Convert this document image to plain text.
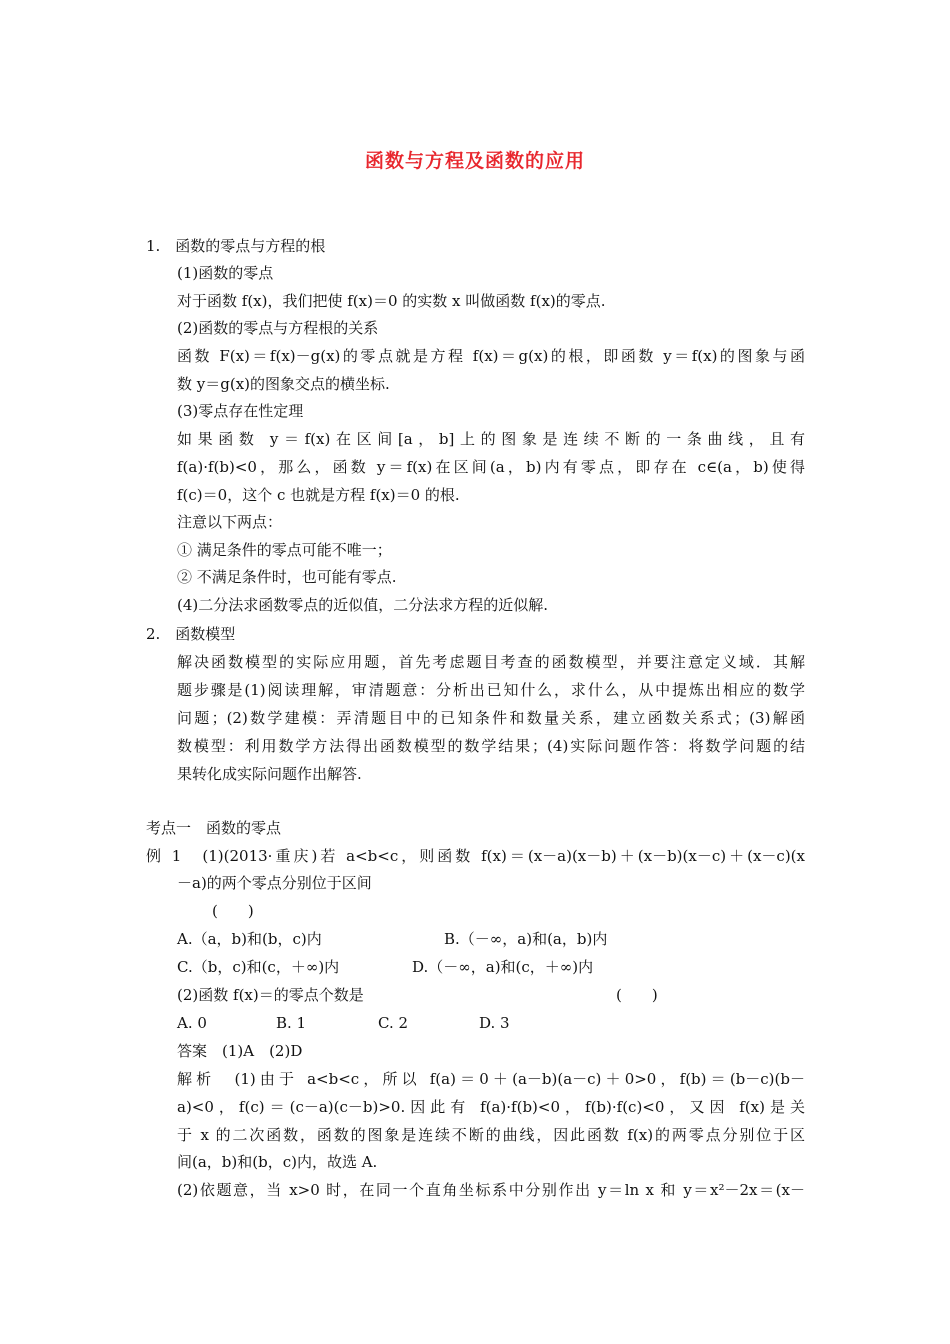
函数与方程及函数的应用
1.　函数的零点与方程的根
(1)函数的零点
对于函数 f(x)，我们把使 f(x)＝0 的实数 x 叫做函数 f(x)的零点.
(2)函数的零点与方程根的关系
函数 F(x)＝f(x)－g(x)的零点就是方程 f(x)＝g(x)的根，即函数 y＝f(x)的图象与函
数 y＝g(x)的图象交点的横坐标.
(3)零点存在性定理
如果函数 y＝f(x)在区间[a，b]上的图象是连续不断的一条曲线，且有
f(a)·f(b)<0，那么，函数 y＝f(x)在区间(a，b)内有零点，即存在 c∈(a，b)使得
f(c)＝0，这个 c 也就是方程 f(x)＝0 的根.
注意以下两点：
① 满足条件的零点可能不唯一；
② 不满足条件时，也可能有零点.
(4)二分法求函数零点的近似值，二分法求方程的近似解.
2.　函数模型
解决函数模型的实际应用题，首先考虑题目考查的函数模型，并要注意定义域．其解
题步骤是(1)阅读理解，审清题意：分析出已知什么，求什么，从中提炼出相应的数学
问题；(2)数学建模：弄清题目中的已知条件和数量关系，建立函数关系式；(3)解函
数模型：利用数学方法得出函数模型的数学结果；(4)实际问题作答：将数学问题的结
果转化成实际问题作出解答.
考点一　函数的零点
例 1　(1)(2013·重庆)若 a<b<c，则函数 f(x)＝(x－a)(x－b)＋(x－b)(x－c)＋(x－c)(x
－a)的两个零点分别位于区间
(　　)
A.（a，b)和(b，c)内	B.（－∞，a)和(a，b)内
C.（b，c)和(c，＋∞)内	D.（－∞，a)和(c，＋∞)内
(2)函数 f(x)＝的零点个数是	(　　)
A. 0	B. 1	C. 2	D. 3
答案　(1)A　(2)D
解析　(1)由于 a<b<c，所以 f(a)＝0＋(a－b)(a－c)＋0>0，f(b)＝(b－c)(b－
a)<0，f(c)＝(c－a)(c－b)>0.因此有 f(a)·f(b)<0，f(b)·f(c)<0，又因 f(x)是关
于 x 的二次函数，函数的图象是连续不断的曲线，因此函数 f(x)的两零点分别位于区
间(a，b)和(b，c)内，故选 A.
(2)依题意，当 x>0 时，在同一个直角坐标系中分别作出 y＝ln x 和 y＝x²－2x＝(x－
